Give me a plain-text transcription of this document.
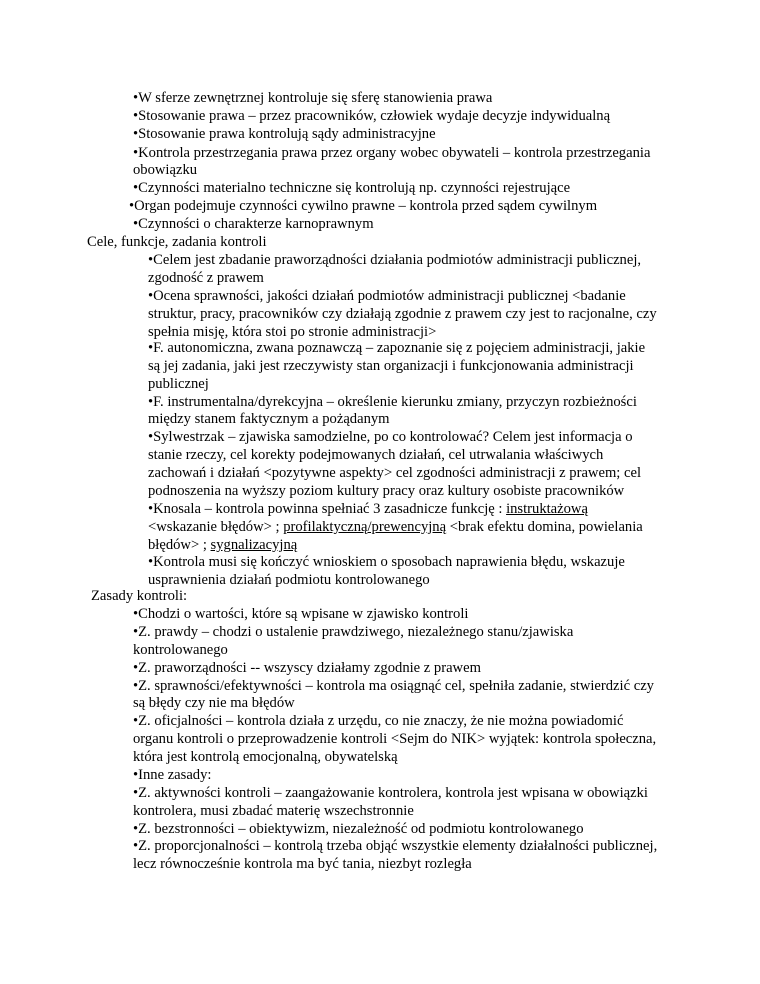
•W sferze zewnętrznej kontroluje się sferę stanowienia prawa
•Stosowanie prawa – przez pracowników, człowiek wydaje decyzje indywidualną
•Stosowanie prawa kontrolują sądy administracyjne
•Kontrola przestrzegania prawa przez organy wobec obywateli – kontrola przestrzegania
obowiązku
•Czynności materialno techniczne się kontrolują np. czynności rejestrujące
•Organ podejmuje czynności cywilno prawne – kontrola przed sądem cywilnym
•Czynności o charakterze karnoprawnym
Cele, funkcje, zadania kontroli
•Celem jest zbadanie praworządności działania podmiotów administracji publicznej,
zgodność z prawem
•Ocena sprawności, jakości działań podmiotów administracji publicznej <badanie
struktur, pracy, pracowników czy działają zgodnie z prawem czy jest to racjonalne, czy
spełnia misję, która stoi po stronie administracji>
•F. autonomiczna, zwana poznawczą – zapoznanie się z pojęciem administracji, jakie
są jej zadania, jaki jest rzeczywisty stan organizacji i funkcjonowania administracji
publicznej
•F. instrumentalna/dyrekcyjna – określenie kierunku zmiany, przyczyn rozbieżności
między stanem faktycznym a pożądanym
•Sylwestrzak – zjawiska samodzielne, po co kontrolować? Celem jest informacja o
stanie rzeczy, cel korekty podejmowanych działań, cel utrwalania właściwych
zachowań i działań <pozytywne aspekty> cel zgodności administracji z prawem; cel
podnoszenia na wyższy poziom kultury pracy oraz kultury osobiste pracowników
•Knosala – kontrola powinna spełniać 3 zasadnicze funkcję : instruktażową
<wskazanie błędów> ; profilaktyczną/prewencyjną <brak efektu domina, powielania
błędów> ; sygnalizacyjną
•Kontrola musi się kończyć wnioskiem o sposobach naprawienia błędu, wskazuje
usprawnienia działań podmiotu kontrolowanego
Zasady kontroli:
•Chodzi o wartości, które są wpisane w zjawisko kontroli
•Z. prawdy – chodzi o ustalenie prawdziwego, niezależnego stanu/zjawiska
kontrolowanego
•Z. praworządności -- wszyscy działamy zgodnie z prawem
•Z. sprawności/efektywności – kontrola ma osiągnąć cel, spełniła zadanie, stwierdzić czy
są błędy czy nie ma błędów
•Z. oficjalności – kontrola działa z urzędu, co nie znaczy, że nie można powiadomić
organu kontroli o przeprowadzenie kontroli <Sejm do NIK> wyjątek: kontrola społeczna,
która jest kontrolą emocjonalną, obywatelską
•Inne zasady:
•Z. aktywności kontroli – zaangażowanie kontrolera, kontrola jest wpisana w obowiązki
kontrolera, musi zbadać materię wszechstronnie
•Z. bezstronności – obiektywizm, niezależność od podmiotu kontrolowanego
•Z. proporcjonalności – kontrolą trzeba objąć wszystkie elementy działalności publicznej,
lecz równocześnie kontrola ma być tania, niezbyt rozległa
